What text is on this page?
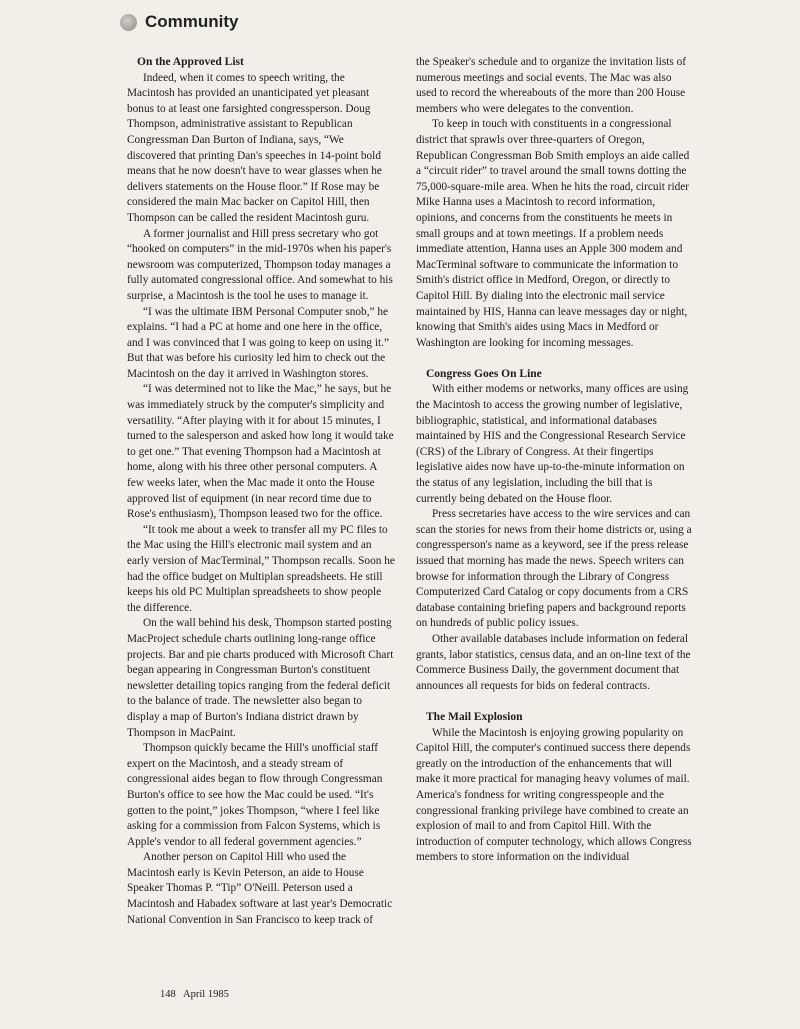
Community
On the Approved List

Indeed, when it comes to speech writing, the Macintosh has provided an unanticipated yet pleasant bonus to at least one farsighted congressperson. Doug Thompson, administrative assistant to Republican Congressman Dan Burton of Indiana, says, “We discovered that printing Dan's speeches in 14-point bold means that he now doesn't have to wear glasses when he delivers statements on the House floor.” If Rose may be considered the main Mac backer on Capitol Hill, then Thompson can be called the resident Macintosh guru.

A former journalist and Hill press secretary who got “hooked on computers” in the mid-1970s when his paper's newsroom was computerized, Thompson today manages a fully automated congressional office. And somewhat to his surprise, a Macintosh is the tool he uses to manage it.

“I was the ultimate IBM Personal Computer snob,” he explains. “I had a PC at home and one here in the office, and I was convinced that I was going to keep on using it.” But that was before his curiosity led him to check out the Macintosh on the day it arrived in Washington stores.

“I was determined not to like the Mac,” he says, but he was immediately struck by the computer's simplicity and versatility. “After playing with it for about 15 minutes, I turned to the salesperson and asked how long it would take to get one.” That evening Thompson had a Macintosh at home, along with his three other personal computers. A few weeks later, when the Mac made it onto the House approved list of equipment (in near record time due to Rose's enthusiasm), Thompson leased two for the office.

“It took me about a week to transfer all my PC files to the Mac using the Hill's electronic mail system and an early version of MacTerminal,” Thompson recalls. Soon he had the office budget on Multiplan spreadsheets. He still keeps his old PC Multiplan spreadsheets to show people the difference.

On the wall behind his desk, Thompson started posting MacProject schedule charts outlining long-range office projects. Bar and pie charts produced with Microsoft Chart began appearing in Congressman Burton's constituent newsletter detailing topics ranging from the federal deficit to the balance of trade. The newsletter also began to display a map of Burton's Indiana district drawn by Thompson in MacPaint.

Thompson quickly became the Hill's unofficial staff expert on the Macintosh, and a steady stream of congressional aides began to flow through Congressman Burton's office to see how the Mac could be used. “It's gotten to the point,” jokes Thompson, “where I feel like asking for a commission from Falcon Systems, which is Apple's vendor to all federal government agencies.”

Another person on Capitol Hill who used the Macintosh early is Kevin Peterson, an aide to House Speaker Thomas P. “Tip” O'Neill. Peterson used a Macintosh and Habadex software at last year's Democratic National Convention in San Francisco to keep track of

the Speaker's schedule and to organize the invitation lists of numerous meetings and social events. The Mac was also used to record the whereabouts of the more than 200 House members who were delegates to the convention.

To keep in touch with constituents in a congressional district that sprawls over three-quarters of Oregon, Republican Congressman Bob Smith employs an aide called a “circuit rider” to travel around the small towns dotting the 75,000-square-mile area. When he hits the road, circuit rider Mike Hanna uses a Macintosh to record information, opinions, and concerns from the constituents he meets in small groups and at town meetings. If a problem needs immediate attention, Hanna uses an Apple 300 modem and MacTerminal software to communicate the information to Smith's district office in Medford, Oregon, or directly to Capitol Hill. By dialing into the electronic mail service maintained by HIS, Hanna can leave messages day or night, knowing that Smith's aides using Macs in Medford or Washington are looking for incoming messages.

Congress Goes On Line

With either modems or networks, many offices are using the Macintosh to access the growing number of legislative, bibliographic, statistical, and informational databases maintained by HIS and the Congressional Research Service (CRS) of the Library of Congress. At their fingertips legislative aides now have up-to-the-minute information on the status of any legislation, including the bill that is currently being debated on the House floor.

Press secretaries have access to the wire services and can scan the stories for news from their home districts or, using a congressperson's name as a keyword, see if the press release issued that morning has made the news. Speech writers can browse for information through the Library of Congress Computerized Card Catalog or copy documents from a CRS database containing briefing papers and background reports on hundreds of public policy issues.

Other available databases include information on federal grants, labor statistics, census data, and an on-line text of the Commerce Business Daily, the government document that announces all requests for bids on federal contracts.

The Mail Explosion

While the Macintosh is enjoying growing popularity on Capitol Hill, the computer's continued success there depends greatly on the introduction of the enhancements that will make it more practical for managing heavy volumes of mail. America's fondness for writing congresspeople and the congressional franking privilege have combined to create an explosion of mail to and from Capitol Hill. With the introduction of computer technology, which allows Congress members to store information on the individual

148 April 1985
